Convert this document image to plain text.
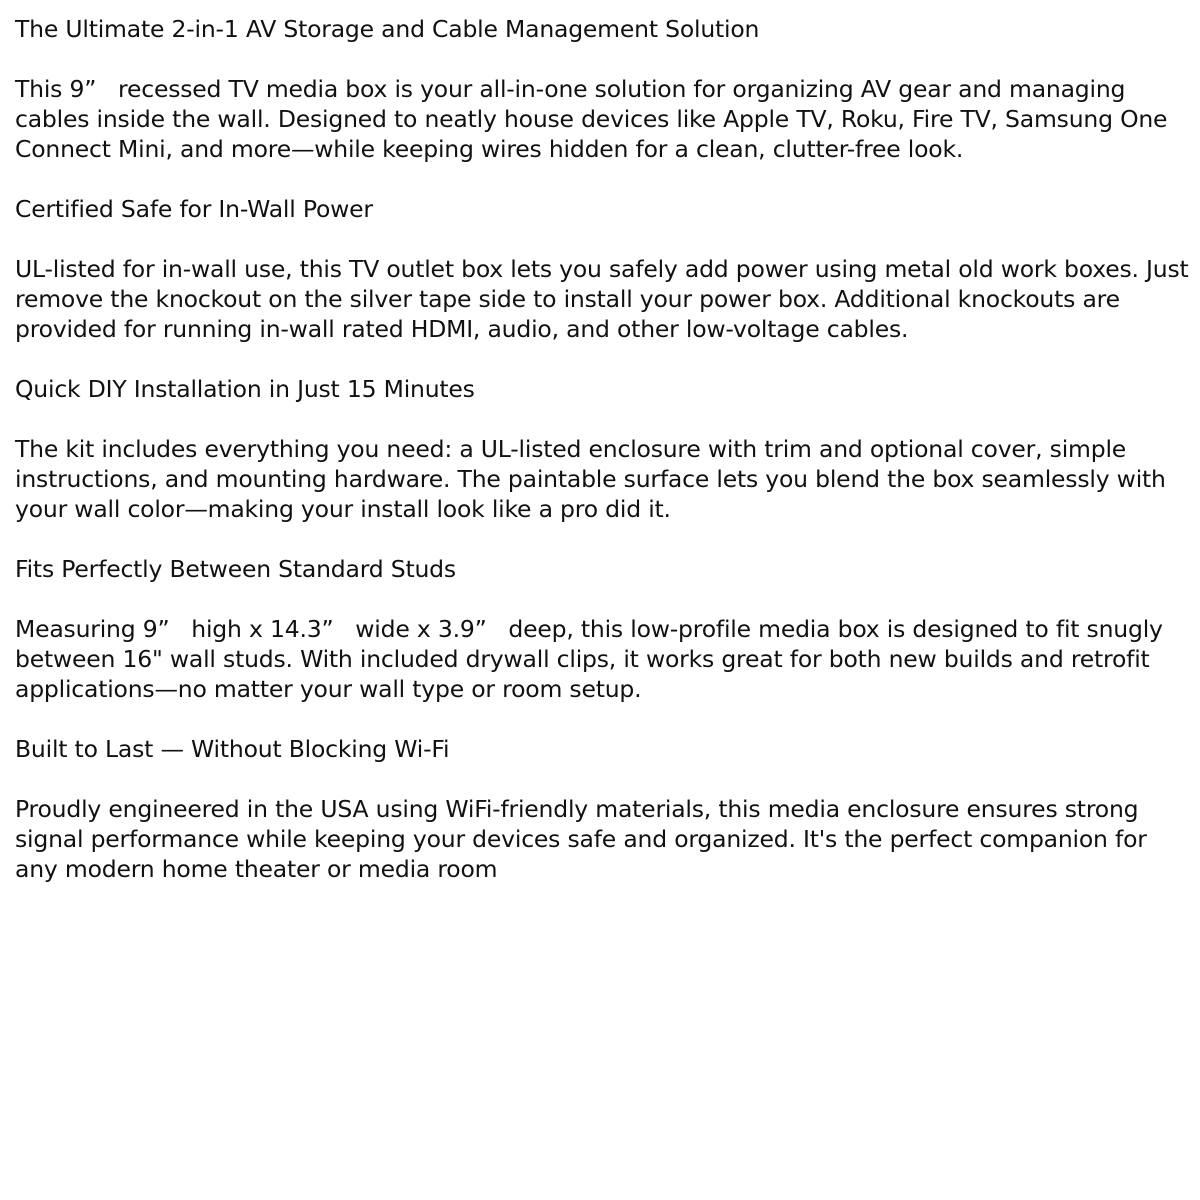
The Ultimate 2-in-1 AV Storage and Cable Management Solution
This 9”   recessed TV media box is your all-in-one solution for organizing AV gear and managing cables inside the wall. Designed to neatly house devices like Apple TV, Roku, Fire TV, Samsung One Connect Mini, and more—while keeping wires hidden for a clean, clutter-free look.
Certified Safe for In-Wall Power
UL-listed for in-wall use, this TV outlet box lets you safely add power using metal old work boxes. Just remove the knockout on the silver tape side to install your power box. Additional knockouts are provided for running in-wall rated HDMI, audio, and other low-voltage cables.
Quick DIY Installation in Just 15 Minutes
The kit includes everything you need: a UL-listed enclosure with trim and optional cover, simple instructions, and mounting hardware. The paintable surface lets you blend the box seamlessly with your wall color—making your install look like a pro did it.
Fits Perfectly Between Standard Studs
Measuring 9”   high x 14.3”   wide x 3.9”   deep, this low-profile media box is designed to fit snugly between 16" wall studs. With included drywall clips, it works great for both new builds and retrofit applications—no matter your wall type or room setup.
Built to Last — Without Blocking Wi-Fi
Proudly engineered in the USA using WiFi-friendly materials, this media enclosure ensures strong signal performance while keeping your devices safe and organized. It's the perfect companion for any modern home theater or media room
